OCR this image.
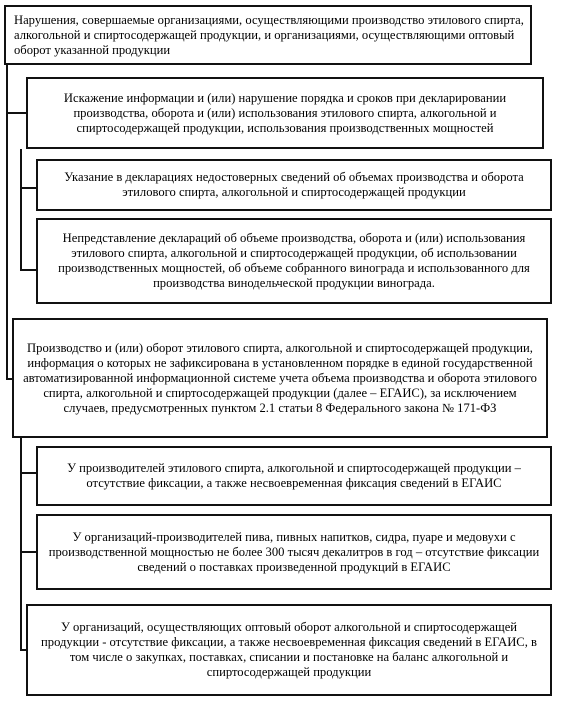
Нарушения, совершаемые организациями, осуществляющими производство этилового спирта, алкогольной и спиртосодержащей продукции, и организациями, осуществляющими оптовый оборот указанной продукции
Искажение информации и (или) нарушение порядка и сроков при декларировании производства, оборота и (или) использования этилового спирта, алкогольной и спиртосодержащей продукции, использования производственных мощностей
Указание в декларациях недостоверных сведений об объемах производства и оборота этилового спирта, алкогольной и спиртосодержащей продукции
Непредставление деклараций об объеме производства, оборота и (или) использования этилового спирта, алкогольной и спиртосодержащей продукции, об использовании производственных мощностей, об объеме собранного винограда и использованного для производства винодельческой продукции винограда.
Производство и (или) оборот этилового спирта, алкогольной и спиртосодержащей продукции, информация о которых не зафиксирована в установленном порядке в единой государственной автоматизированной информационной системе учета объема производства и оборота этилового спирта, алкогольной и спиртосодержащей продукции (далее – ЕГАИС), за исключением случаев, предусмотренных пунктом 2.1 статьи 8 Федерального закона № 171-ФЗ
У производителей этилового спирта, алкогольной и спиртосодержащей продукции – отсутствие фиксации, а также несвоевременная фиксация сведений в ЕГАИС
У организаций-производителей пива, пивных напитков, сидра, пуаре и медовухи с производственной мощностью не более 300 тысяч декалитров в год – отсутствие фиксации сведений о поставках произведенной продукций в ЕГАИС
У организаций, осуществляющих оптовый оборот алкогольной и спиртосодержащей продукции - отсутствие фиксации, а также несвоевременная фиксация сведений в ЕГАИС, в том числе о закупках, поставках, списании и постановке на баланс алкогольной и спиртосодержащей продукции
